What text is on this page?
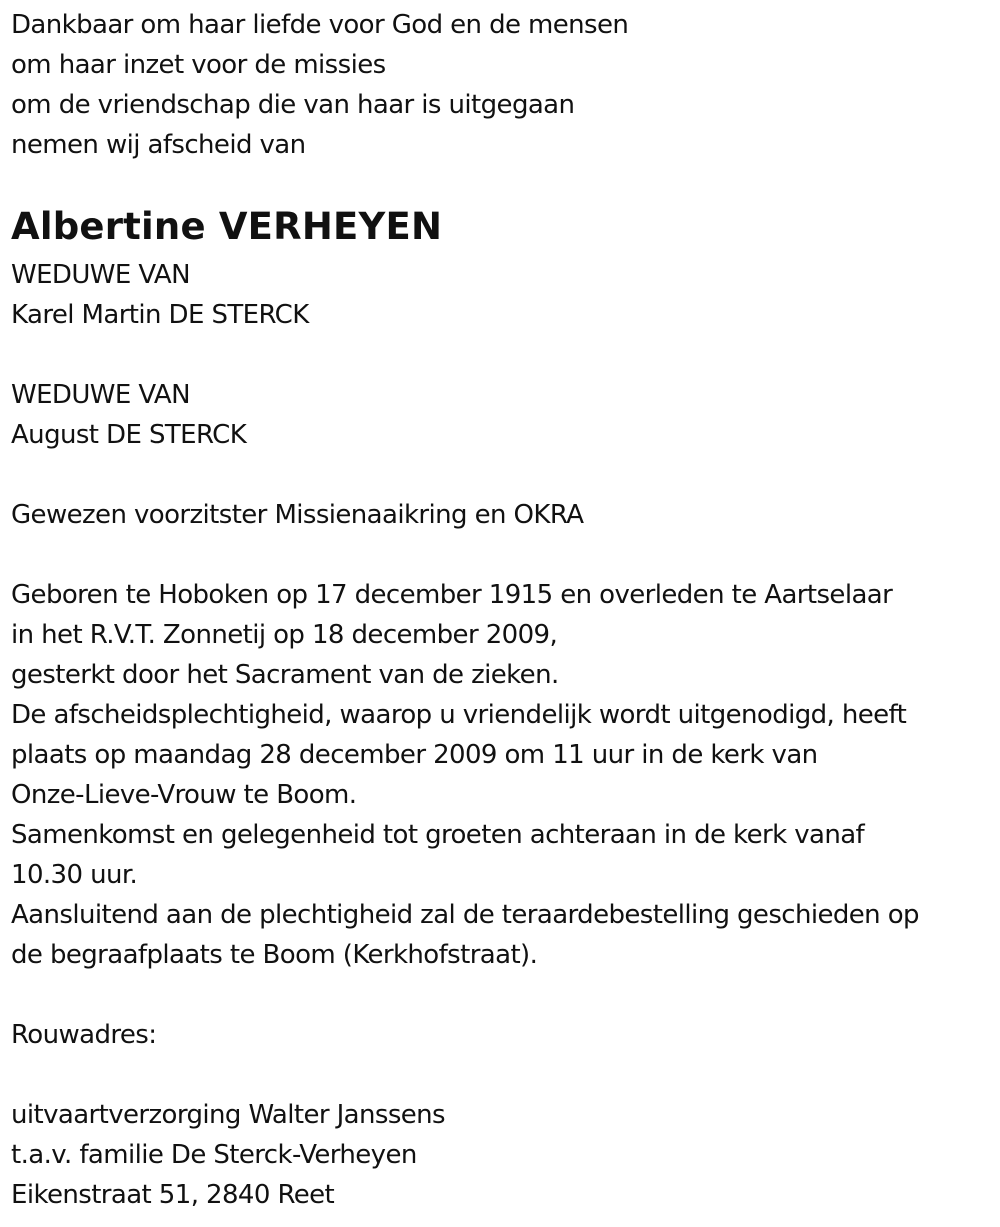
Dankbaar om haar liefde voor God en de mensen
om haar inzet voor de missies
om de vriendschap die van haar is uitgegaan
nemen wij afscheid van
Albertine VERHEYEN
WEDUWE VAN
Karel Martin DE STERCK
WEDUWE VAN
August DE STERCK
Gewezen voorzitster Missienaaikring en OKRA
Geboren te Hoboken op 17 december 1915 en overleden te Aartselaar
in het R.V.T. Zonnetij op 18 december 2009,
gesterkt door het Sacrament van de zieken.
De afscheidsplechtigheid, waarop u vriendelijk wordt uitgenodigd, heeft
plaats op maandag 28 december 2009 om 11 uur in de kerk van
Onze-Lieve-Vrouw te Boom.
Samenkomst en gelegenheid tot groeten achteraan in de kerk vanaf
10.30 uur.
Aansluitend aan de plechtigheid zal de teraardebestelling geschieden op
de begraafplaats te Boom (Kerkhofstraat).
Rouwadres:
uitvaartverzorging Walter Janssens
t.a.v. familie De Sterck-Verheyen
Eikenstraat 51, 2840 Reet
